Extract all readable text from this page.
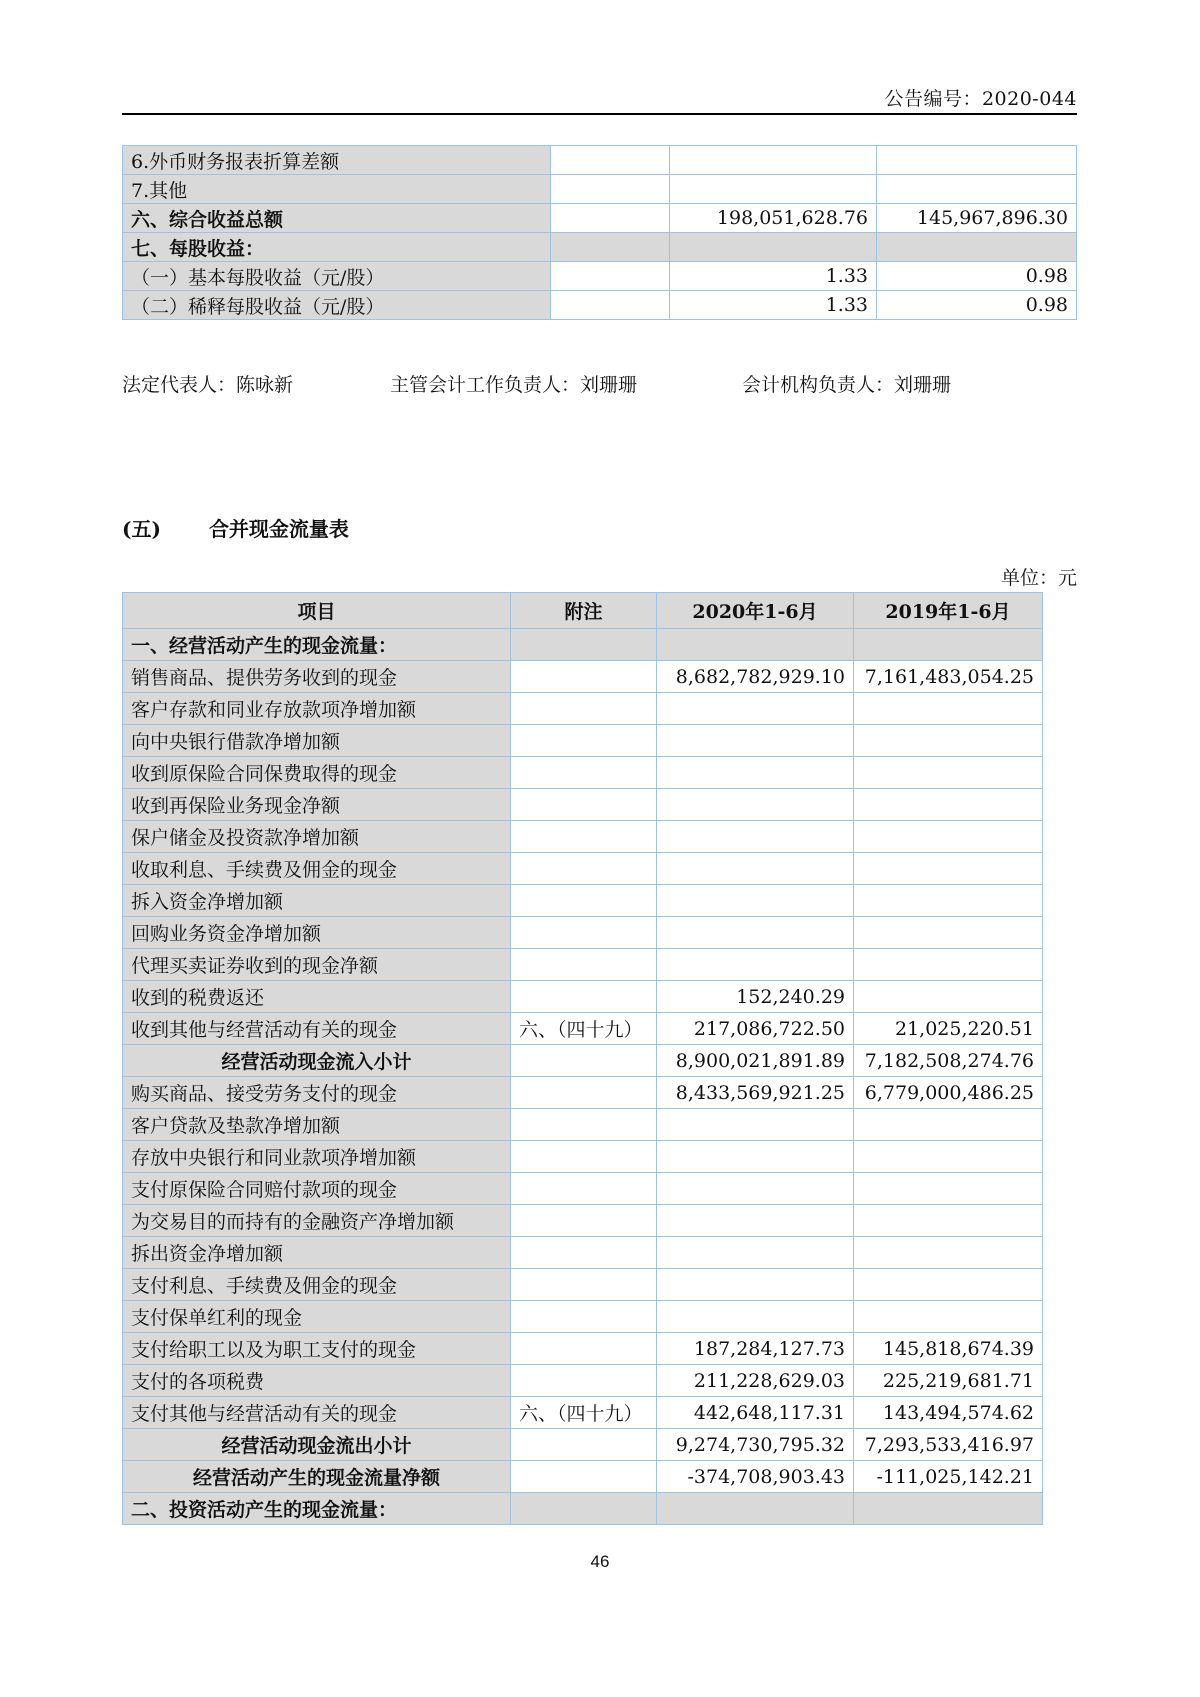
公告编号：2020-044
6.外币财务报表折算差额			
7.其他			
六、综合收益总额		198,051,628.76	145,967,896.30
七、每股收益：			
（一）基本每股收益（元/股）		1.33	0.98
（二）稀释每股收益（元/股）		1.33	0.98
法定代表人：陈咏新	主管会计工作负责人：刘珊珊	会计机构负责人：刘珊珊
(五) 合并现金流量表
单位：元
项目	附注	2020年1-6月	2019年1-6月
一、经营活动产生的现金流量：			
销售商品、提供劳务收到的现金		8,682,782,929.10	7,161,483,054.25
客户存款和同业存放款项净增加额			
向中央银行借款净增加额			
收到原保险合同保费取得的现金			
收到再保险业务现金净额			
保户储金及投资款净增加额			
收取利息、手续费及佣金的现金			
拆入资金净增加额			
回购业务资金净增加额			
代理买卖证券收到的现金净额			
收到的税费返还		152,240.29	
收到其他与经营活动有关的现金	六、（四十九）	217,086,722.50	21,025,220.51
经营活动现金流入小计		8,900,021,891.89	7,182,508,274.76
购买商品、接受劳务支付的现金		8,433,569,921.25	6,779,000,486.25
客户贷款及垫款净增加额			
存放中央银行和同业款项净增加额			
支付原保险合同赔付款项的现金			
为交易目的而持有的金融资产净增加额			
拆出资金净增加额			
支付利息、手续费及佣金的现金			
支付保单红利的现金			
支付给职工以及为职工支付的现金		187,284,127.73	145,818,674.39
支付的各项税费		211,228,629.03	225,219,681.71
支付其他与经营活动有关的现金	六、（四十九）	442,648,117.31	143,494,574.62
经营活动现金流出小计		9,274,730,795.32	7,293,533,416.97
经营活动产生的现金流量净额		-374,708,903.43	-111,025,142.21
二、投资活动产生的现金流量：			
46
